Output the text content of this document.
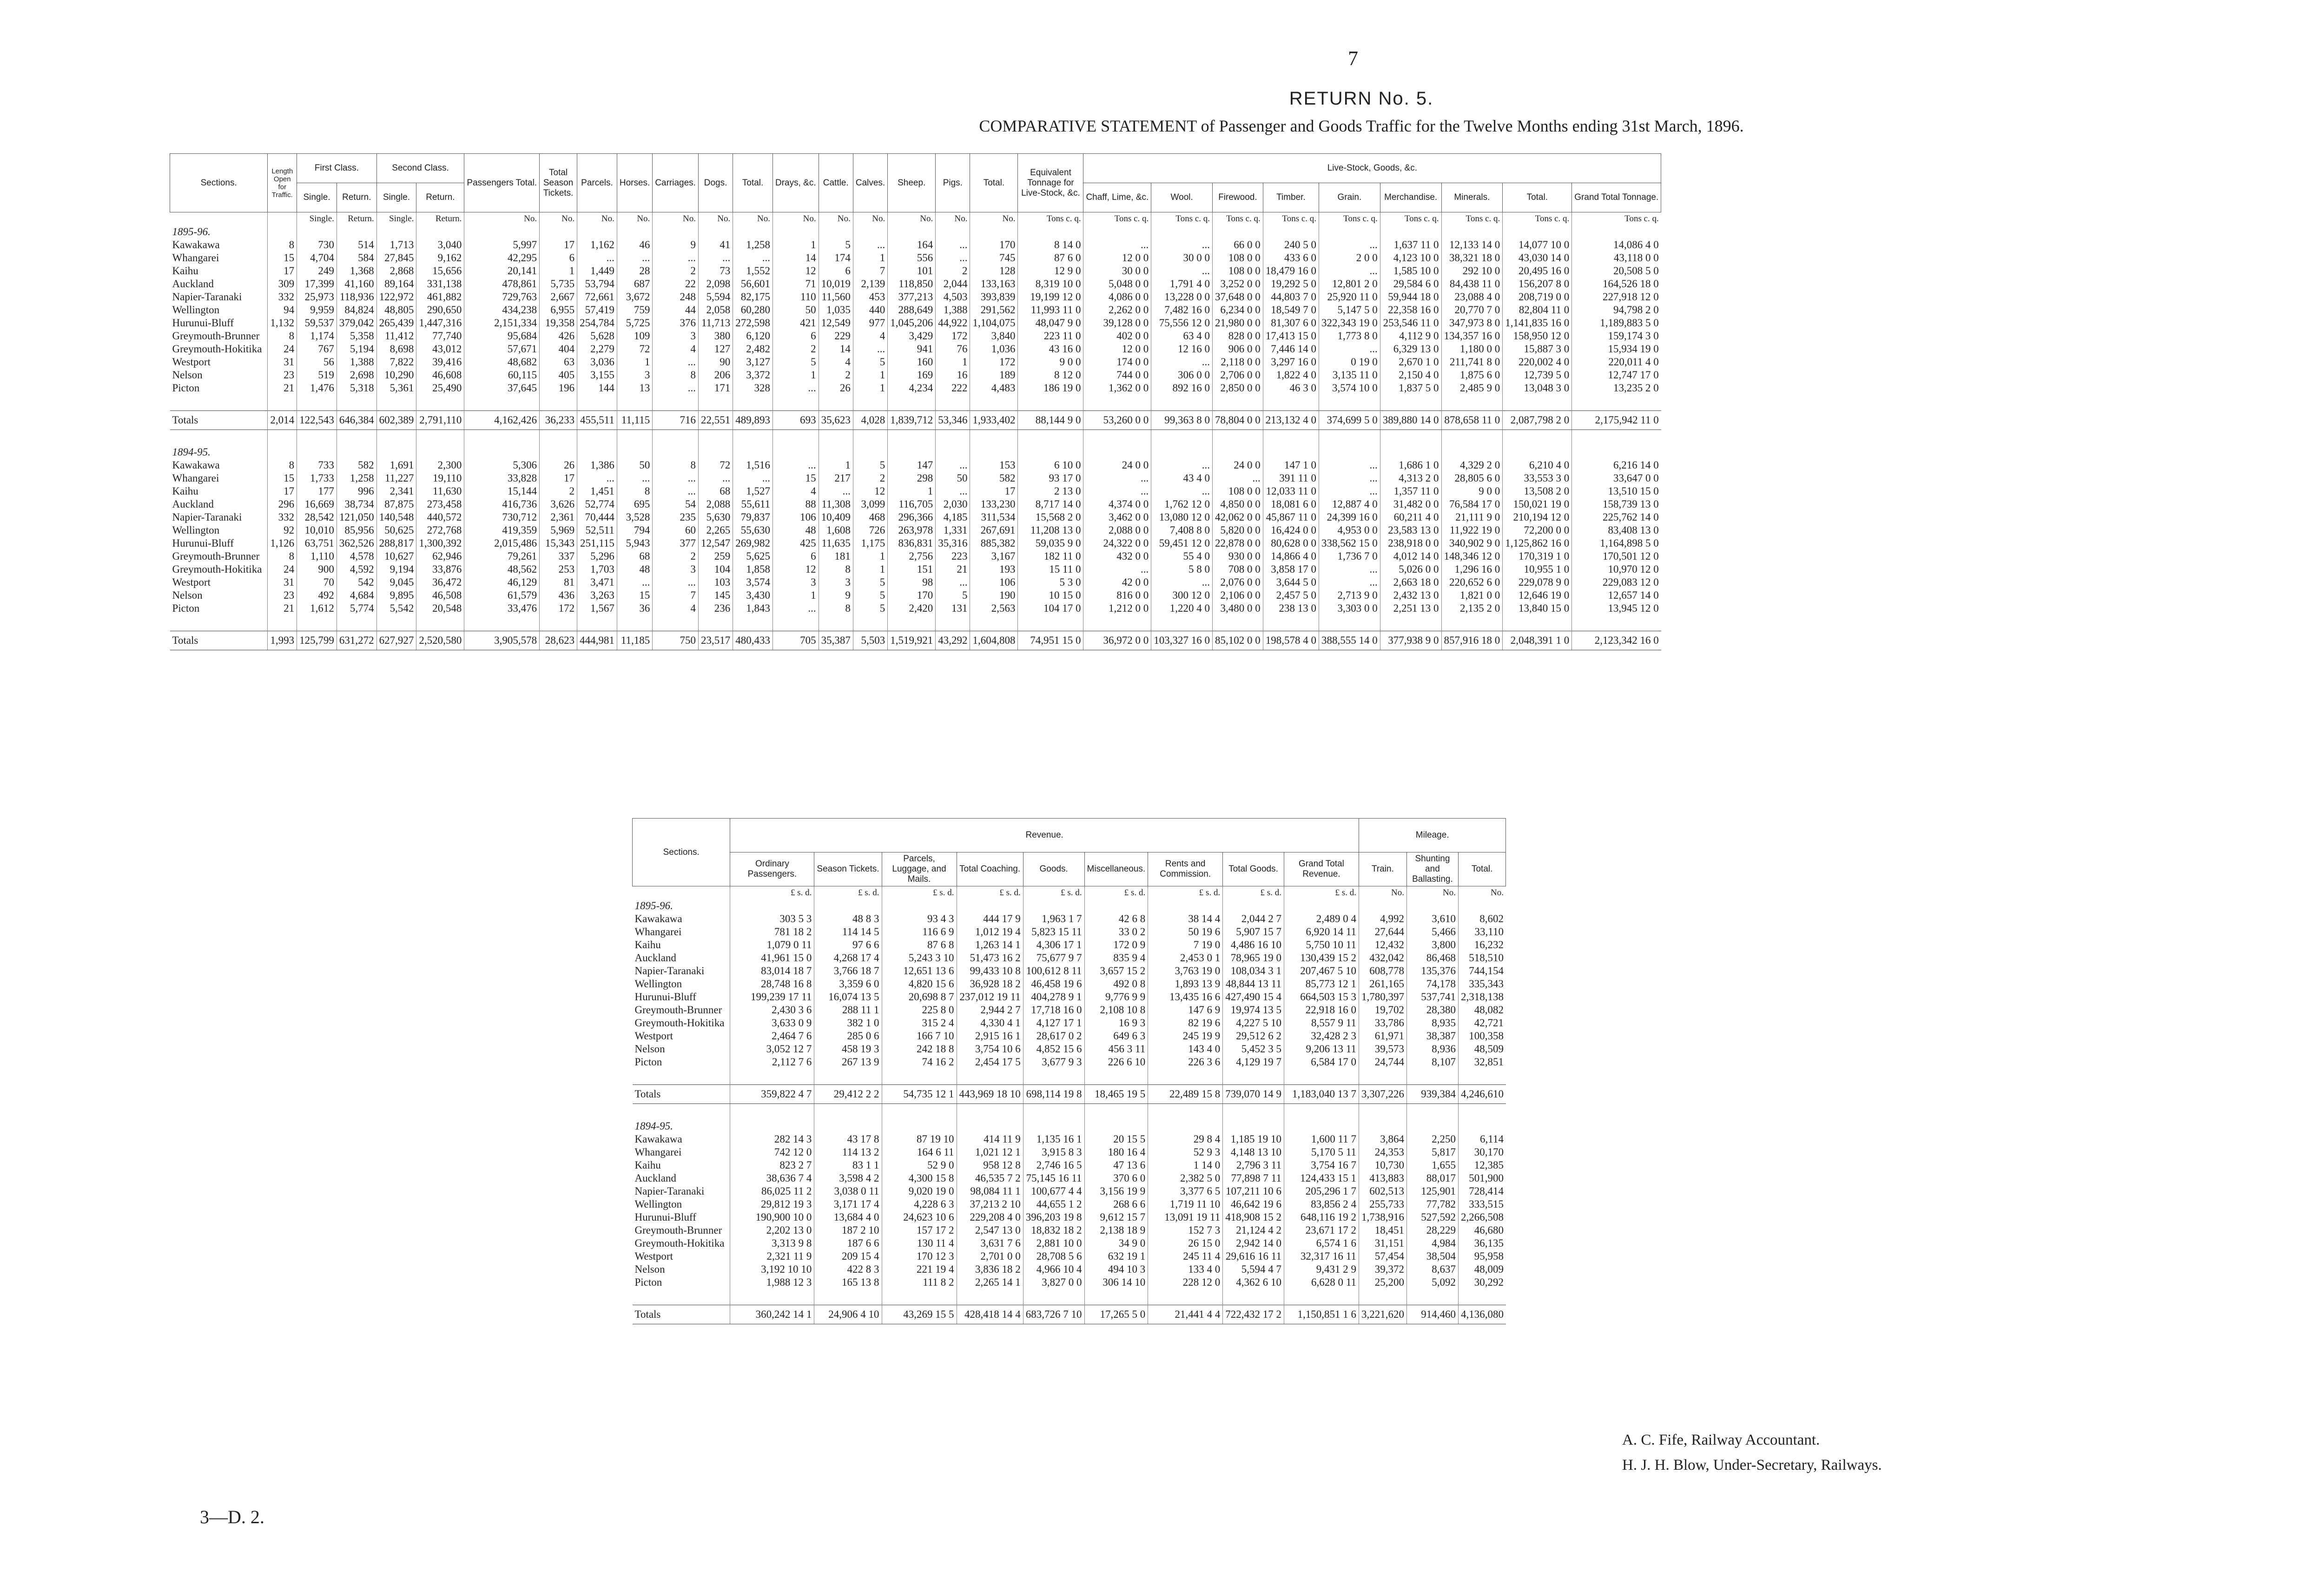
7
RETURN No. 5.
COMPARATIVE STATEMENT of Passenger and Goods Traffic for the Twelve Months ending 31st March, 1896.
Sections.	Length Open for Traffic.	First Class.		Second Class.		Passengers Total.	Total Season Tickets.	Parcels.	Horses.	Carriages.	Dogs.	Total.	Drays, &c.	Cattle.	Calves.	Sheep.	Pigs.	Total.	Equivalent Tonnage for Live-Stock, &c.	Live-Stock, Goods, &c.								
		Single.	Return.	Single.	Return.															Chaff, Lime, &c.	Wool.	Firewood.	Timber.	Grain.	Merchandise.	Minerals.	Total.	Grand Total Tonnage.
		Single.	Return.	Single.	Return.	No.	No.	No.	No.	No.	No.	No.	No.	No.	No.	No.	No.	No.	Tons c. q.	Tons c. q.	Tons c. q.	Tons c. q.	Tons c. q.	Tons c. q.	Tons c. q.	Tons c. q.	Tons c. q.	Tons c. q.
1895-96.																												
Kawakawa	8	730	514	1,713	3,040	5,997	17	1,162	46	9	41	1,258	1	5	...	164	...	170	8 14 0	...	...	66 0 0	240 5 0	...	1,637 11 0	12,133 14 0	14,077 10 0	14,086 4 0
Whangarei	15	4,704	584	27,845	9,162	42,295	6	...	...	...	...	...	14	174	1	556	...	745	87 6 0	12 0 0	30 0 0	108 0 0	433 6 0	2 0 0	4,123 10 0	38,321 18 0	43,030 14 0	43,118 0 0
Kaihu	17	249	1,368	2,868	15,656	20,141	1	1,449	28	2	73	1,552	12	6	7	101	2	128	12 9 0	30 0 0	...	108 0 0	18,479 16 0	...	1,585 10 0	292 10 0	20,495 16 0	20,508 5 0
Auckland	309	17,399	41,160	89,164	331,138	478,861	5,735	53,794	687	22	2,098	56,601	71	10,019	2,139	118,850	2,044	133,163	8,319 10 0	5,048 0 0	1,791 4 0	3,252 0 0	19,292 5 0	12,801 2 0	29,584 6 0	84,438 11 0	156,207 8 0	164,526 18 0
Napier-Taranaki	332	25,973	118,936	122,972	461,882	729,763	2,667	72,661	3,672	248	5,594	82,175	110	11,560	453	377,213	4,503	393,839	19,199 12 0	4,086 0 0	13,228 0 0	37,648 0 0	44,803 7 0	25,920 11 0	59,944 18 0	23,088 4 0	208,719 0 0	227,918 12 0
Wellington	94	9,959	84,824	48,805	290,650	434,238	6,955	57,419	759	44	2,058	60,280	50	1,035	440	288,649	1,388	291,562	11,993 11 0	2,262 0 0	7,482 16 0	6,234 0 0	18,549 7 0	5,147 5 0	22,358 16 0	20,770 7 0	82,804 11 0	94,798 2 0
Hurunui-Bluff	1,132	59,537	379,042	265,439	1,447,316	2,151,334	19,358	254,784	5,725	376	11,713	272,598	421	12,549	977	1,045,206	44,922	1,104,075	48,047 9 0	39,128 0 0	75,556 12 0	21,980 0 0	81,307 6 0	322,343 19 0	253,546 11 0	347,973 8 0	1,141,835 16 0	1,189,883 5 0
Greymouth-Brunner	8	1,174	5,358	11,412	77,740	95,684	426	5,628	109	3	380	6,120	6	229	4	3,429	172	3,840	223 11 0	402 0 0	63 4 0	828 0 0	17,413 15 0	1,773 8 0	4,112 9 0	134,357 16 0	158,950 12 0	159,174 3 0
Greymouth-Hokitika	24	767	5,194	8,698	43,012	57,671	404	2,279	72	4	127	2,482	2	14	...	941	76	1,036	43 16 0	12 0 0	12 16 0	906 0 0	7,446 14 0	...	6,329 13 0	1,180 0 0	15,887 3 0	15,934 19 0
Westport	31	56	1,388	7,822	39,416	48,682	63	3,036	1	...	90	3,127	5	4	5	160	1	172	9 0 0	174 0 0	...	2,118 0 0	3,297 16 0	0 19 0	2,670 1 0	211,741 8 0	220,002 4 0	220,011 4 0
Nelson	23	519	2,698	10,290	46,608	60,115	405	3,155	3	8	206	3,372	1	2	1	169	16	189	8 12 0	744 0 0	306 0 0	2,706 0 0	1,822 4 0	3,135 11 0	2,150 4 0	1,875 6 0	12,739 5 0	12,747 17 0
Picton	21	1,476	5,318	5,361	25,490	37,645	196	144	13	...	171	328	...	26	1	4,234	222	4,483	186 19 0	1,362 0 0	892 16 0	2,850 0 0	46 3 0	3,574 10 0	1,837 5 0	2,485 9 0	13,048 3 0	13,235 2 0

Totals	2,014	122,543	646,384	602,389	2,791,110	4,162,426	36,233	455,511	11,115	716	22,551	489,893	693	35,623	4,028	1,839,712	53,346	1,933,402	88,144 9 0	53,260 0 0	99,363 8 0	78,804 0 0	213,132 4 0	374,699 5 0	389,880 14 0	878,658 11 0	2,087,798 2 0	2,175,942 11 0

1894-95.																												
Kawakawa	8	733	582	1,691	2,300	5,306	26	1,386	50	8	72	1,516	...	1	5	147	...	153	6 10 0	24 0 0	...	24 0 0	147 1 0	...	1,686 1 0	4,329 2 0	6,210 4 0	6,216 14 0
Whangarei	15	1,733	1,258	11,227	19,110	33,828	17	...	...	...	...	...	15	217	2	298	50	582	93 17 0	...	43 4 0	...	391 11 0	...	4,313 2 0	28,805 6 0	33,553 3 0	33,647 0 0
Kaihu	17	177	996	2,341	11,630	15,144	2	1,451	8	...	68	1,527	4	...	12	1	...	17	2 13 0	...	...	108 0 0	12,033 11 0	...	1,357 11 0	9 0 0	13,508 2 0	13,510 15 0
Auckland	296	16,669	38,734	87,875	273,458	416,736	3,626	52,774	695	54	2,088	55,611	88	11,308	3,099	116,705	2,030	133,230	8,717 14 0	4,374 0 0	1,762 12 0	4,850 0 0	18,081 6 0	12,887 4 0	31,482 0 0	76,584 17 0	150,021 19 0	158,739 13 0
Napier-Taranaki	332	28,542	121,050	140,548	440,572	730,712	2,361	70,444	3,528	235	5,630	79,837	106	10,409	468	296,366	4,185	311,534	15,568 2 0	3,462 0 0	13,080 12 0	42,062 0 0	45,867 11 0	24,399 16 0	60,211 4 0	21,111 9 0	210,194 12 0	225,762 14 0
Wellington	92	10,010	85,956	50,625	272,768	419,359	5,969	52,511	794	60	2,265	55,630	48	1,608	726	263,978	1,331	267,691	11,208 13 0	2,088 0 0	7,408 8 0	5,820 0 0	16,424 0 0	4,953 0 0	23,583 13 0	11,922 19 0	72,200 0 0	83,408 13 0
Hurunui-Bluff	1,126	63,751	362,526	288,817	1,300,392	2,015,486	15,343	251,115	5,943	377	12,547	269,982	425	11,635	1,175	836,831	35,316	885,382	59,035 9 0	24,322 0 0	59,451 12 0	22,878 0 0	80,628 0 0	338,562 15 0	238,918 0 0	340,902 9 0	1,125,862 16 0	1,164,898 5 0
Greymouth-Brunner	8	1,110	4,578	10,627	62,946	79,261	337	5,296	68	2	259	5,625	6	181	1	2,756	223	3,167	182 11 0	432 0 0	55 4 0	930 0 0	14,866 4 0	1,736 7 0	4,012 14 0	148,346 12 0	170,319 1 0	170,501 12 0
Greymouth-Hokitika	24	900	4,592	9,194	33,876	48,562	253	1,703	48	3	104	1,858	12	8	1	151	21	193	15 11 0	...	5 8 0	708 0 0	3,858 17 0	...	5,026 0 0	1,296 16 0	10,955 1 0	10,970 12 0
Westport	31	70	542	9,045	36,472	46,129	81	3,471	...	...	103	3,574	3	3	5	98	...	106	5 3 0	42 0 0	...	2,076 0 0	3,644 5 0	...	2,663 18 0	220,652 6 0	229,078 9 0	229,083 12 0
Nelson	23	492	4,684	9,895	46,508	61,579	436	3,263	15	7	145	3,430	1	9	5	170	5	190	10 15 0	816 0 0	300 12 0	2,106 0 0	2,457 5 0	2,713 9 0	2,432 13 0	1,821 0 0	12,646 19 0	12,657 14 0
Picton	21	1,612	5,774	5,542	20,548	33,476	172	1,567	36	4	236	1,843	...	8	5	2,420	131	2,563	104 17 0	1,212 0 0	1,220 4 0	3,480 0 0	238 13 0	3,303 0 0	2,251 13 0	2,135 2 0	13,840 15 0	13,945 12 0

Totals	1,993	125,799	631,272	627,927	2,520,580	3,905,578	28,623	444,981	11,185	750	23,517	480,433	705	35,387	5,503	1,519,921	43,292	1,604,808	74,951 15 0	36,972 0 0	103,327 16 0	85,102 0 0	198,578 4 0	388,555 14 0	377,938 9 0	857,916 18 0	2,048,391 1 0	2,123,342 16 0
Sections.	Revenue.									Mileage.		
	Ordinary Passengers.	Season Tickets.	Parcels, Luggage, and Mails.	Total Coaching.	Goods.	Miscellaneous.	Rents and Commission.	Total Goods.	Grand Total Revenue.	Train.	Shunting and Ballasting.	Total.
	£ s. d.	£ s. d.	£ s. d.	£ s. d.	£ s. d.	£ s. d.	£ s. d.	£ s. d.	£ s. d.	No.	No.	No.
1895-96.												
Kawakawa	303 5 3	48 8 3	93 4 3	444 17 9	1,963 1 7	42 6 8	38 14 4	2,044 2 7	2,489 0 4	4,992	3,610	8,602
Whangarei	781 18 2	114 14 5	116 6 9	1,012 19 4	5,823 15 11	33 0 2	50 19 6	5,907 15 7	6,920 14 11	27,644	5,466	33,110
Kaihu	1,079 0 11	97 6 6	87 6 8	1,263 14 1	4,306 17 1	172 0 9	7 19 0	4,486 16 10	5,750 10 11	12,432	3,800	16,232
Auckland	41,961 15 0	4,268 17 4	5,243 3 10	51,473 16 2	75,677 9 7	835 9 4	2,453 0 1	78,965 19 0	130,439 15 2	432,042	86,468	518,510
Napier-Taranaki	83,014 18 7	3,766 18 7	12,651 13 6	99,433 10 8	100,612 8 11	3,657 15 2	3,763 19 0	108,034 3 1	207,467 5 10	608,778	135,376	744,154
Wellington	28,748 16 8	3,359 6 0	4,820 15 6	36,928 18 2	46,458 19 6	492 0 8	1,893 13 9	48,844 13 11	85,773 12 1	261,165	74,178	335,343
Hurunui-Bluff	199,239 17 11	16,074 13 5	20,698 8 7	237,012 19 11	404,278 9 1	9,776 9 9	13,435 16 6	427,490 15 4	664,503 15 3	1,780,397	537,741	2,318,138
Greymouth-Brunner	2,430 3 6	288 11 1	225 8 0	2,944 2 7	17,718 16 0	2,108 10 8	147 6 9	19,974 13 5	22,918 16 0	19,702	28,380	48,082
Greymouth-Hokitika	3,633 0 9	382 1 0	315 2 4	4,330 4 1	4,127 17 1	16 9 3	82 19 6	4,227 5 10	8,557 9 11	33,786	8,935	42,721
Westport	2,464 7 6	285 0 6	166 7 10	2,915 16 1	28,617 0 2	649 6 3	245 19 9	29,512 6 2	32,428 2 3	61,971	38,387	100,358
Nelson	3,052 12 7	458 19 3	242 18 8	3,754 10 6	4,852 15 6	456 3 11	143 4 0	5,452 3 5	9,206 13 11	39,573	8,936	48,509
Picton	2,112 7 6	267 13 9	74 16 2	2,454 17 5	3,677 9 3	226 6 10	226 3 6	4,129 19 7	6,584 17 0	24,744	8,107	32,851

Totals	359,822 4 7	29,412 2 2	54,735 12 1	443,969 18 10	698,114 19 8	18,465 19 5	22,489 15 8	739,070 14 9	1,183,040 13 7	3,307,226	939,384	4,246,610

1894-95.												
Kawakawa	282 14 3	43 17 8	87 19 10	414 11 9	1,135 16 1	20 15 5	29 8 4	1,185 19 10	1,600 11 7	3,864	2,250	6,114
Whangarei	742 12 0	114 13 2	164 6 11	1,021 12 1	3,915 8 3	180 16 4	52 9 3	4,148 13 10	5,170 5 11	24,353	5,817	30,170
Kaihu	823 2 7	83 1 1	52 9 0	958 12 8	2,746 16 5	47 13 6	1 14 0	2,796 3 11	3,754 16 7	10,730	1,655	12,385
Auckland	38,636 7 4	3,598 4 2	4,300 15 8	46,535 7 2	75,145 16 11	370 6 0	2,382 5 0	77,898 7 11	124,433 15 1	413,883	88,017	501,900
Napier-Taranaki	86,025 11 2	3,038 0 11	9,020 19 0	98,084 11 1	100,677 4 4	3,156 19 9	3,377 6 5	107,211 10 6	205,296 1 7	602,513	125,901	728,414
Wellington	29,812 19 3	3,171 17 4	4,228 6 3	37,213 2 10	44,655 1 2	268 6 6	1,719 11 10	46,642 19 6	83,856 2 4	255,733	77,782	333,515
Hurunui-Bluff	190,900 10 0	13,684 4 0	24,623 10 6	229,208 4 0	396,203 19 8	9,612 15 7	13,091 19 11	418,908 15 2	648,116 19 2	1,738,916	527,592	2,266,508
Greymouth-Brunner	2,202 13 0	187 2 10	157 17 2	2,547 13 0	18,832 18 2	2,138 18 9	152 7 3	21,124 4 2	23,671 17 2	18,451	28,229	46,680
Greymouth-Hokitika	3,313 9 8	187 6 6	130 11 4	3,631 7 6	2,881 10 0	34 9 0	26 15 0	2,942 14 0	6,574 1 6	31,151	4,984	36,135
Westport	2,321 11 9	209 15 4	170 12 3	2,701 0 0	28,708 5 6	632 19 1	245 11 4	29,616 16 11	32,317 16 11	57,454	38,504	95,958
Nelson	3,192 10 10	422 8 3	221 19 4	3,836 18 2	4,966 10 4	494 10 3	133 4 0	5,594 4 7	9,431 2 9	39,372	8,637	48,009
Picton	1,988 12 3	165 13 8	111 8 2	2,265 14 1	3,827 0 0	306 14 10	228 12 0	4,362 6 10	6,628 0 11	25,200	5,092	30,292

Totals	360,242 14 1	24,906 4 10	43,269 15 5	428,418 14 4	683,726 7 10	17,265 5 0	21,441 4 4	722,432 17 2	1,150,851 1 6	3,221,620	914,460	4,136,080
A. C. Fife, Railway Accountant.
H. J. H. Blow, Under-Secretary, Railways.
3—D. 2.
